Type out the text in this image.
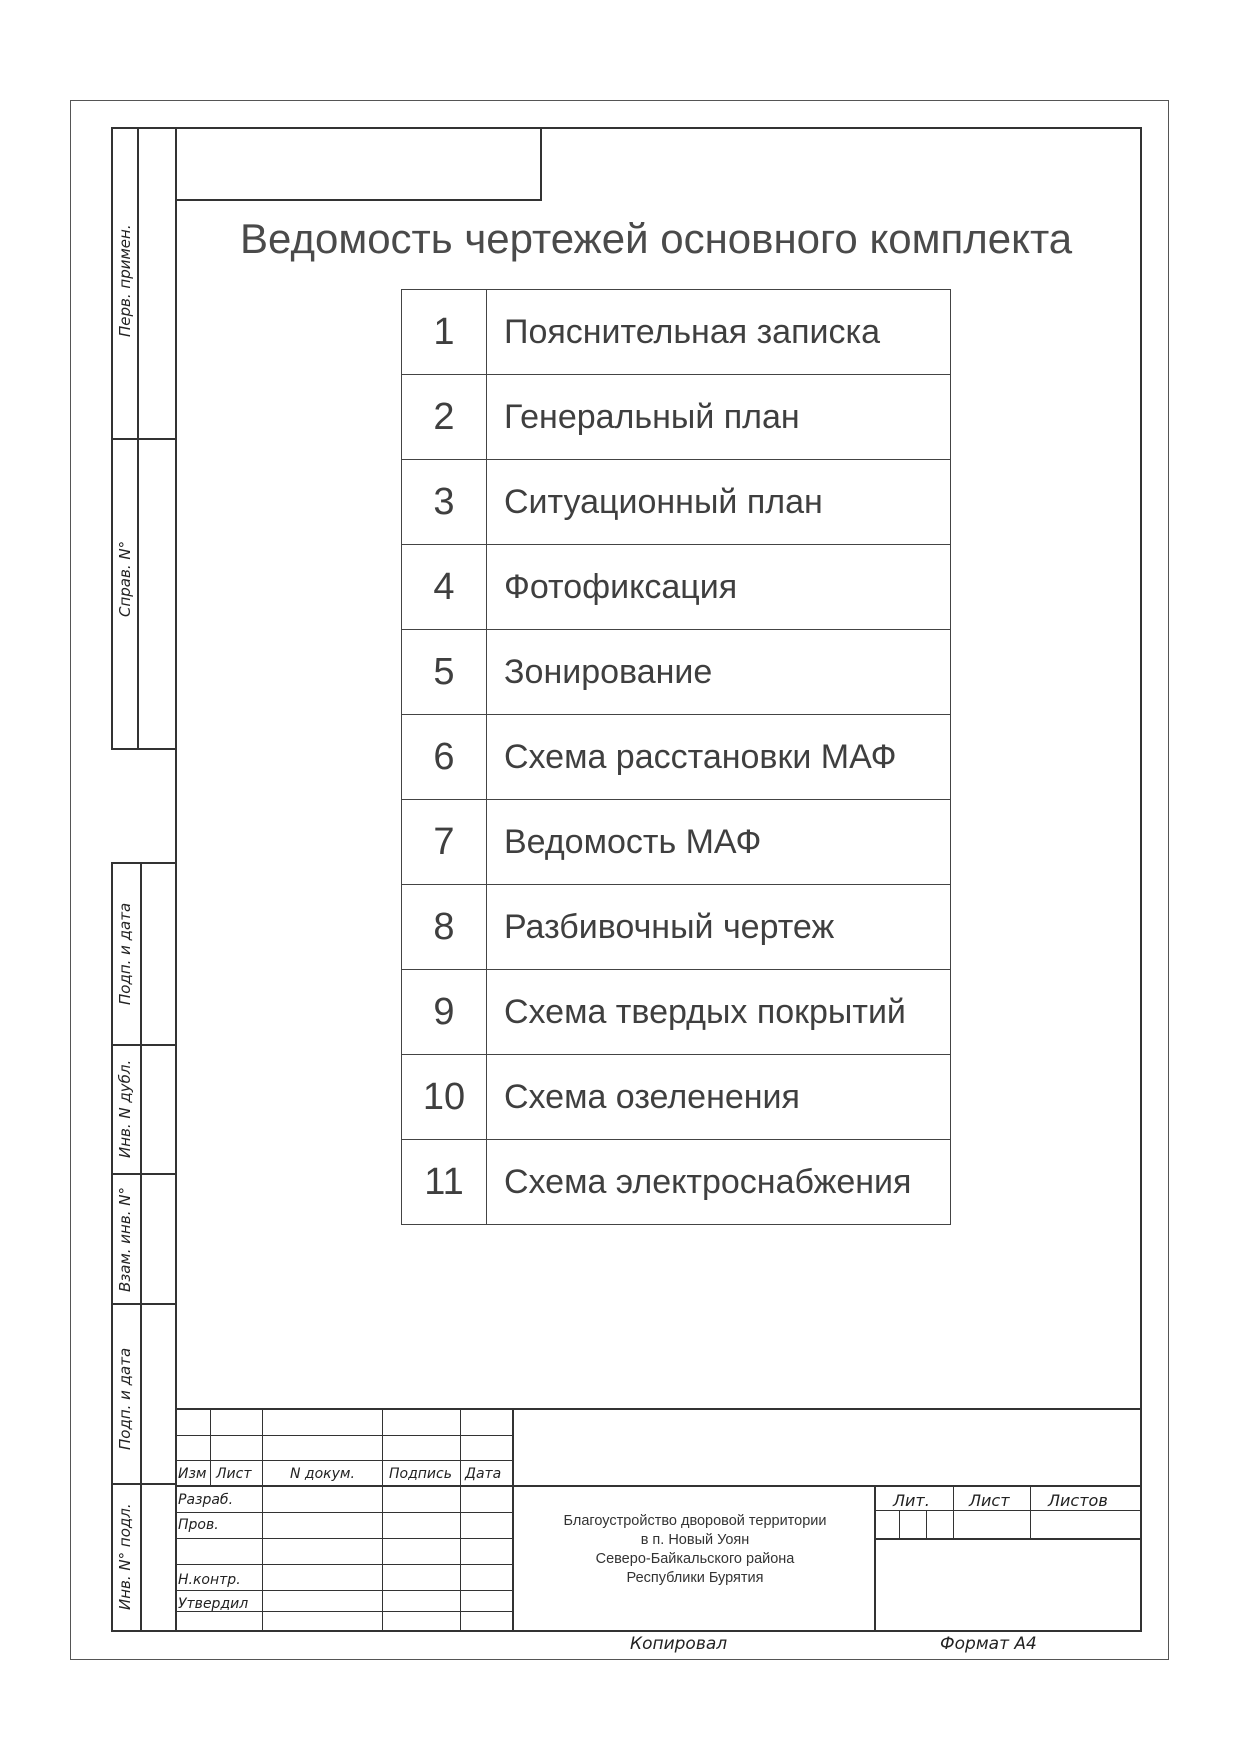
Ведомость чертежей основного комплекта
1	Пояснительная записка
2	Генеральный план
3	Ситуационный план
4	Фотофиксация
5	Зонирование
6	Схема расстановки МАФ
7	Ведомость МАФ
8	Разбивочный чертеж
9	Схема твердых покрытий
10	Схема озеленения
11	Схема электроснабжения
Перв. примен.
Справ. N°
Подп. и дата
Инв. N дубл.
Взам. инв. N°
Подп. и дата
Инв. N° подл.
Изм Лист	N докум. Подпись Дата
Разраб.
Пров.
Н.контр.
Утвердил
Благоустройство дворовой территории
в п. Новый Уоян
Северо-Байкальского района
Республики Бурятия
Лит. Лист Листов
Копировал	Формат А4
